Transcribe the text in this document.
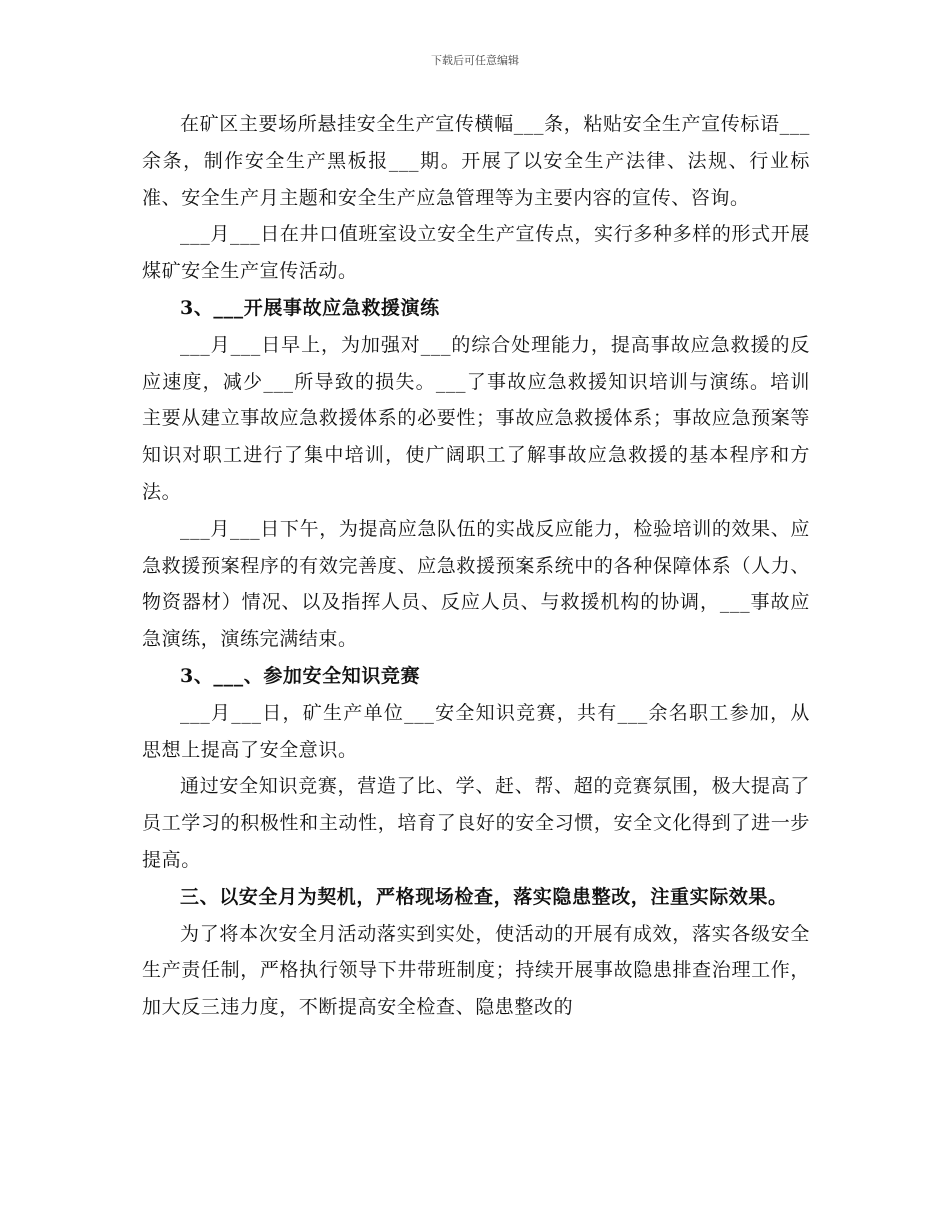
下载后可任意编辑

在矿区主要场所悬挂安全生产宣传横幅___条，粘贴安全生产宣传标语___余条，制作安全生产黑板报___期。开展了以安全生产法律、法规、行业标准、安全生产月主题和安全生产应急管理等为主要内容的宣传、咨询。

___月___日在井口值班室设立安全生产宣传点，实行多种多样的形式开展煤矿安全生产宣传活动。

3、___开展事故应急救援演练

___月___日早上，为加强对___的综合处理能力，提高事故应急救援的反应速度，减少___所导致的损失。___了事故应急救援知识培训与演练。培训主要从建立事故应急救援体系的必要性；事故应急救援体系；事故应急预案等知识对职工进行了集中培训，使广阔职工了解事故应急救援的基本程序和方法。

___月___日下午，为提高应急队伍的实战反应能力，检验培训的效果、应急救援预案程序的有效完善度、应急救援预案系统中的各种保障体系（人力、物资器材）情况、以及指挥人员、反应人员、与救援机构的协调，___事故应急演练，演练完满结束。

3、___、参加安全知识竞赛

___月___日，矿生产单位___安全知识竞赛，共有___余名职工参加，从思想上提高了安全意识。

通过安全知识竞赛，营造了比、学、赶、帮、超的竞赛氛围，极大提高了员工学习的积极性和主动性，培育了良好的安全习惯，安全文化得到了进一步提高。

三、以安全月为契机，严格现场检查，落实隐患整改，注重实际效果。

为了将本次安全月活动落实到实处，使活动的开展有成效，落实各级安全生产责任制，严格执行领导下井带班制度；持续开展事故隐患排查治理工作，加大反三违力度，不断提高安全检查、隐患整改的
